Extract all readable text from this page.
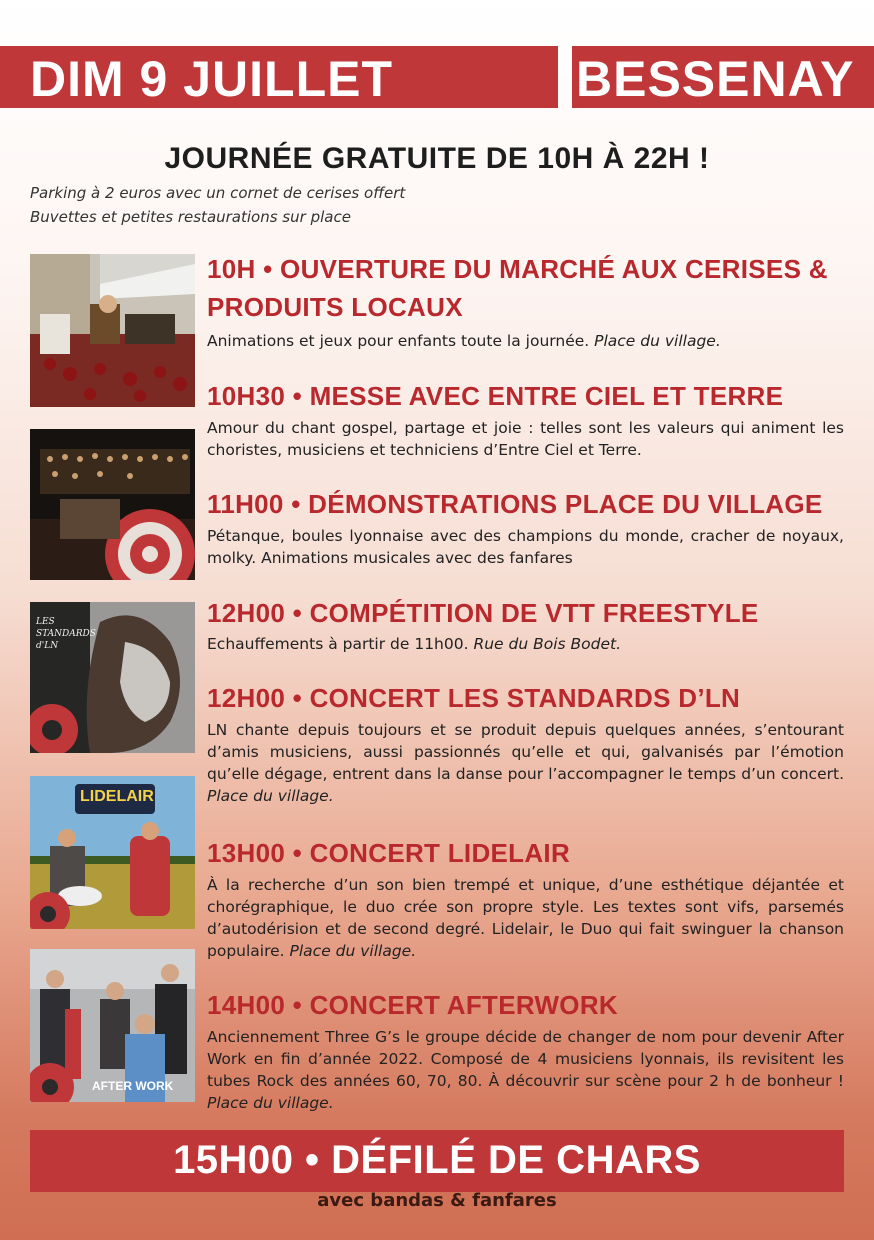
DIM 9 JUILLET	BESSENAY
JOURNÉE GRATUITE DE 10H À 22H !
Parking à 2 euros avec un cornet de cerises offert
Buvettes et petites restaurations sur place
10H • OUVERTURE DU MARCHÉ AUX CERISES &
PRODUITS LOCAUX
Animations et jeux pour enfants toute la journée. Place du village.
10H30 • MESSE AVEC ENTRE CIEL ET TERRE
Amour du chant gospel, partage et joie : telles sont les valeurs qui animent les choristes, musiciens et techniciens d’Entre Ciel et Terre.
11H00 • DÉMONSTRATIONS PLACE DU VILLAGE
Pétanque, boules lyonnaise avec des champions du monde, cracher de noyaux, molky. Animations musicales avec des fanfares
LES STANDARDS d'LN
12H00 • COMPÉTITION DE VTT FREESTYLE
Echauffements à partir de 11h00. Rue du Bois Bodet.
12H00 • CONCERT LES STANDARDS D’LN
LN chante depuis toujours et se produit depuis quelques années, s’entourant d’amis musiciens, aussi passionnés qu’elle et qui, galvanisés par l’émotion qu’elle dégage, entrent dans la danse pour l’accompagner le temps d’un concert. Place du village.
LIDELAIR
13H00 • CONCERT LIDELAIR
À la recherche d’un son bien trempé et unique, d’une esthétique déjantée et chorégraphique, le duo crée son propre style. Les textes sont vifs, parsemés d’autodérision et de second degré. Lidelair, le Duo qui fait swinguer la chanson populaire. Place du village.
AFTER WORK
14H00 • CONCERT AFTERWORK
Anciennement Three G’s le groupe décide de changer de nom pour devenir After Work en fin d’année 2022. Composé de 4 musiciens lyonnais, ils revisitent les tubes Rock des années 60, 70, 80. À découvrir sur scène pour 2 h de bonheur ! Place du village.
15H00 • DÉFILÉ DE CHARS
avec bandas & fanfares
